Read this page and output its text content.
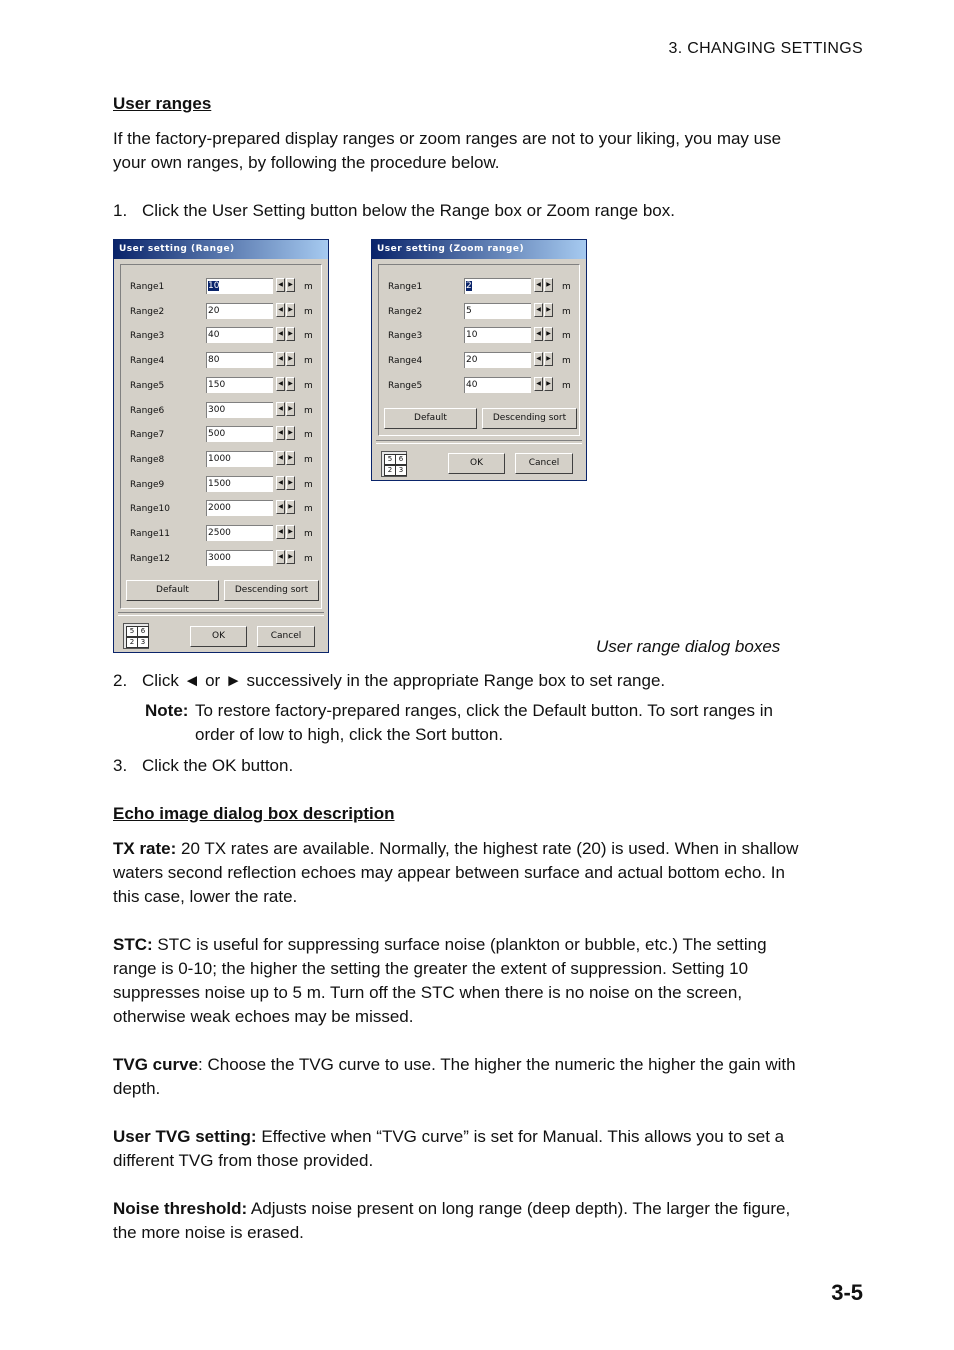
3. CHANGING SETTINGS
User ranges
If the factory-prepared display ranges or zoom ranges are not to your liking, you may use
your own ranges, by following the procedure below.
1. Click the User Setting button below the Range box or Zoom range box.
User setting (Range)
Default	Descending sort
5 6
2 3
OK	Cancel
Range1	10	◀ ▶ m
Range2	20	◀ ▶ m
Range3	40	◀ ▶ m
Range4	80	◀ ▶ m
Range5	150	◀ ▶ m
Range6	300	◀ ▶ m
Range7	500	◀ ▶ m
Range8	1000	◀ ▶ m
Range9	1500	◀ ▶ m
Range10	2000	◀ ▶ m
Range11	2500	◀ ▶ m
Range12	3000	◀ ▶ m
User setting (Zoom range)
Default	Descending sort
5 6
2 3
OK	Cancel
Range1	2	◀ ▶ m
Range2	5	◀ ▶ m
Range3	10	◀ ▶ m
Range4	20	◀ ▶ m
Range5	40	◀ ▶ m
User range dialog boxes
2. Click ◄ or ► successively in the appropriate Range box to set range.
Note: To restore factory-prepared ranges, click the Default button. To sort ranges in
order of low to high, click the Sort button.
3. Click the OK button.
Echo image dialog box description
TX rate: 20 TX rates are available. Normally, the highest rate (20) is used. When in shallow
waters second reflection echoes may appear between surface and actual bottom echo. In
this case, lower the rate.
STC: STC is useful for suppressing surface noise (plankton or bubble, etc.) The setting
range is 0-10; the higher the setting the greater the extent of suppression. Setting 10
suppresses noise up to 5 m. Turn off the STC when there is no noise on the screen,
otherwise weak echoes may be missed.
TVG curve: Choose the TVG curve to use. The higher the numeric the higher the gain with
depth.
User TVG setting: Effective when “TVG curve” is set for Manual. This allows you to set a
different TVG from those provided.
Noise threshold: Adjusts noise present on long range (deep depth). The larger the figure,
the more noise is erased.
3-5
